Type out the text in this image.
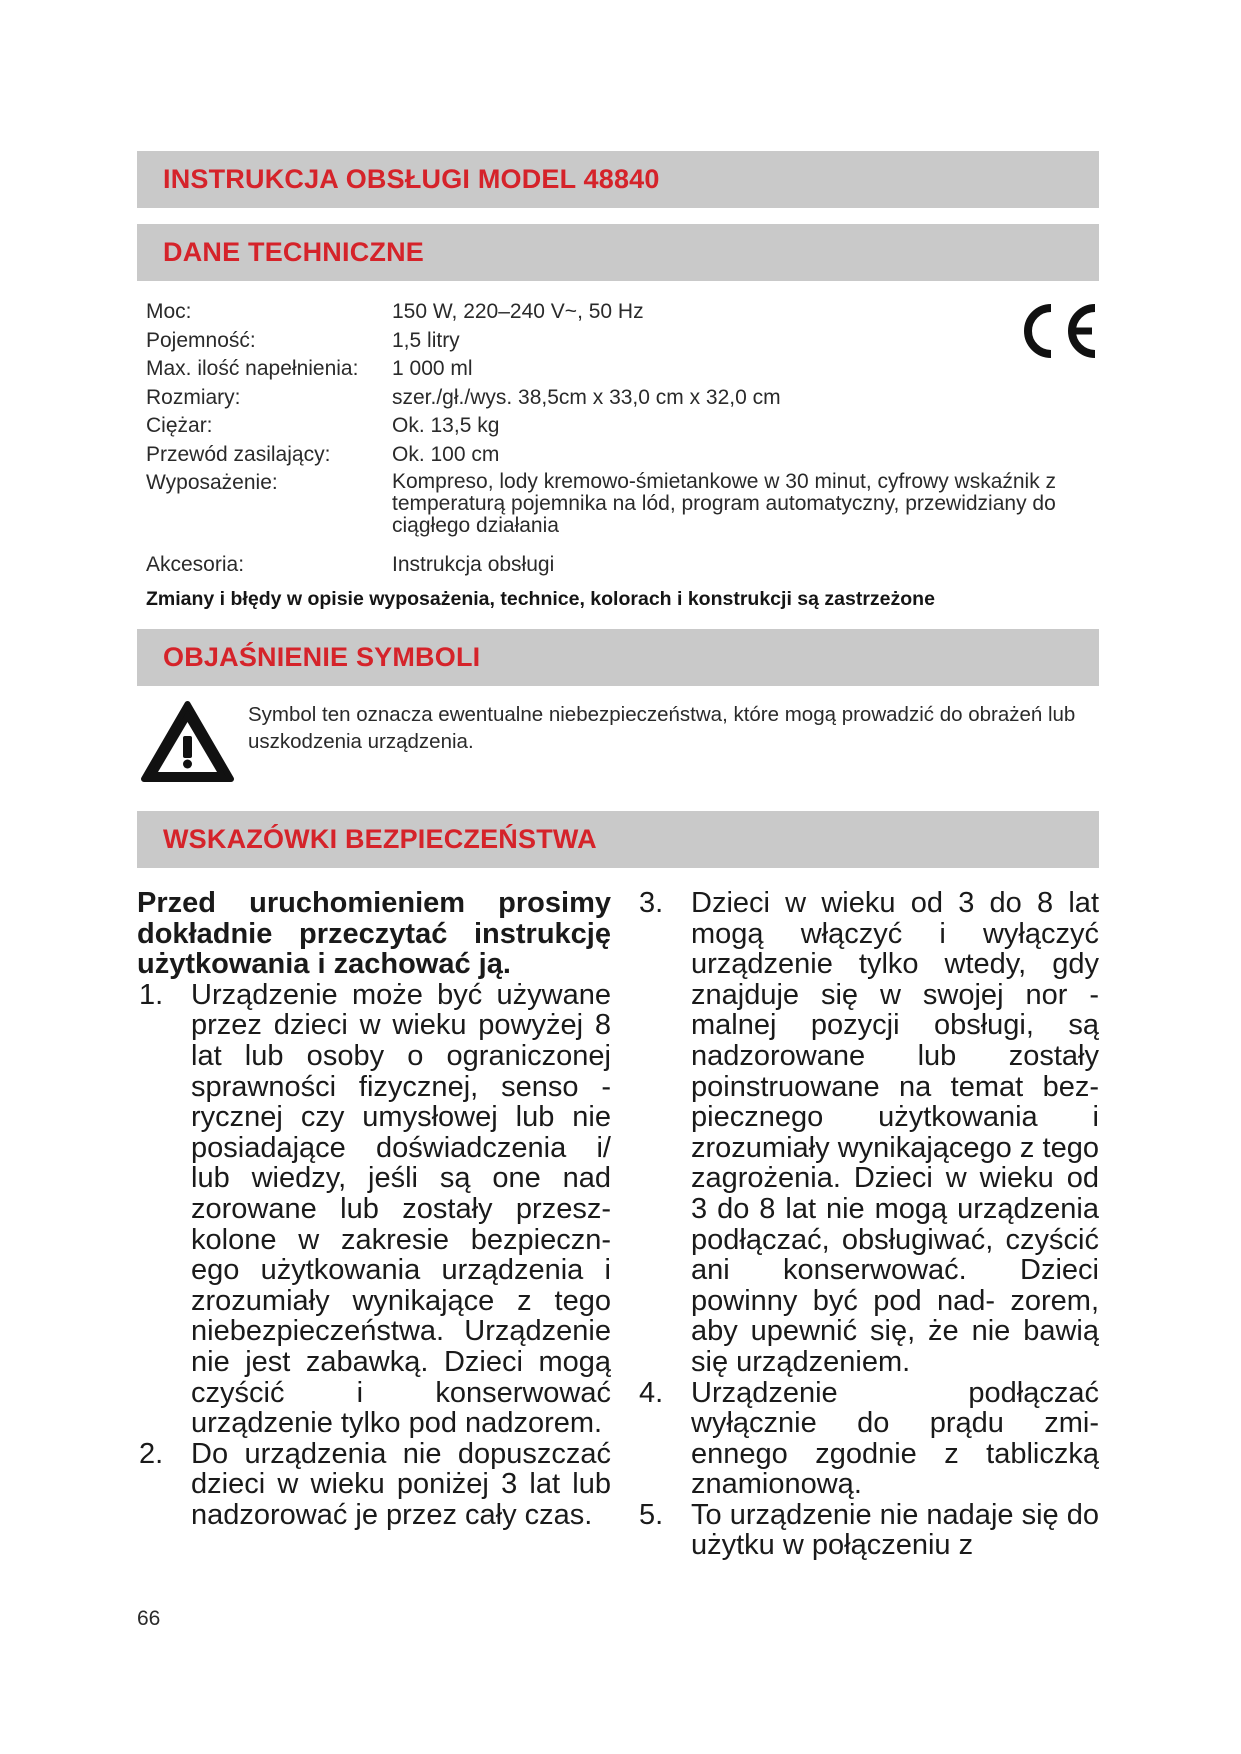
INSTRUKCJA OBSŁUGI MODEL 48840
DANE TECHNICZNE
Moc:	150 W, 220–240 V~, 50 Hz
Pojemność:	1,5 litry
Max. ilość napełnienia:	1 000 ml
Rozmiary:	szer./gł./wys. 38,5cm x 33,0 cm x 32,0 cm
Ciężar:	Ok. 13,5 kg
Przewód zasilający:	Ok. 100 cm
Wyposażenie:	Kompreso, lody kremowo-śmietankowe w 30 minut, cyfrowy wskaźnik z temperaturą pojemnika na lód, program automatyczny, przewidziany do ciągłego działania
Akcesoria:	Instrukcja obsługi
Zmiany i błędy w opisie wyposażenia, technice, kolorach i konstrukcji są zastrzeżone
OBJAŚNIENIE SYMBOLI
Symbol ten oznacza ewentualne niebezpieczeństwa, które mogą prowadzić do obrażeń lub uszkodzenia urządzenia.
WSKAZÓWKI BEZPIECZEŃSTWA

Przed uruchomieniem prosimy dokładnie przeczytać instrukcję użytkowania i zachować ją.

1. Urządzenie może być używane przez dzieci w wieku powyżej 8 lat lub osoby o ograniczonej sprawności fizycznej, senso - rycznej czy umysłowej lub nie posiadające doświadczenia i/ lub wiedzy, jeśli są one nad zorowane lub zostały przesz- kolone w zakresie bezpieczn- ego użytkowania urządzenia i zrozumiały wynikające z tego niebezpieczeństwa. Urządzenie nie jest zabawką. Dzieci mogą czyścić i konserwować urządzenie tylko pod nadzorem.
2. Do urządzenia nie dopuszczać dzieci w wieku poniżej 3 lat lub nadzorować je przez cały czas.
3. Dzieci w wieku od 3 do 8 lat mogą włączyć i wyłączyć urządzenie tylko wtedy, gdy znajduje się w swojej nor - malnej pozycji obsługi, są nadzorowane lub zostały poinstruowane na temat bez- piecznego użytkowania i zrozumiały wynikającego z tego zagrożenia. Dzieci w wieku od 3 do 8 lat nie mogą urządzenia podłączać, obsługiwać, czyścić ani konserwować. Dzieci powinny być pod nad- zorem, aby upewnić się, że nie bawią się urządzeniem.
4. Urządzenie podłączać wyłącznie do prądu zmi- ennego zgodnie z tabliczką znamionową.
5. To urządzenie nie nadaje się do użytku w połączeniu z
66
